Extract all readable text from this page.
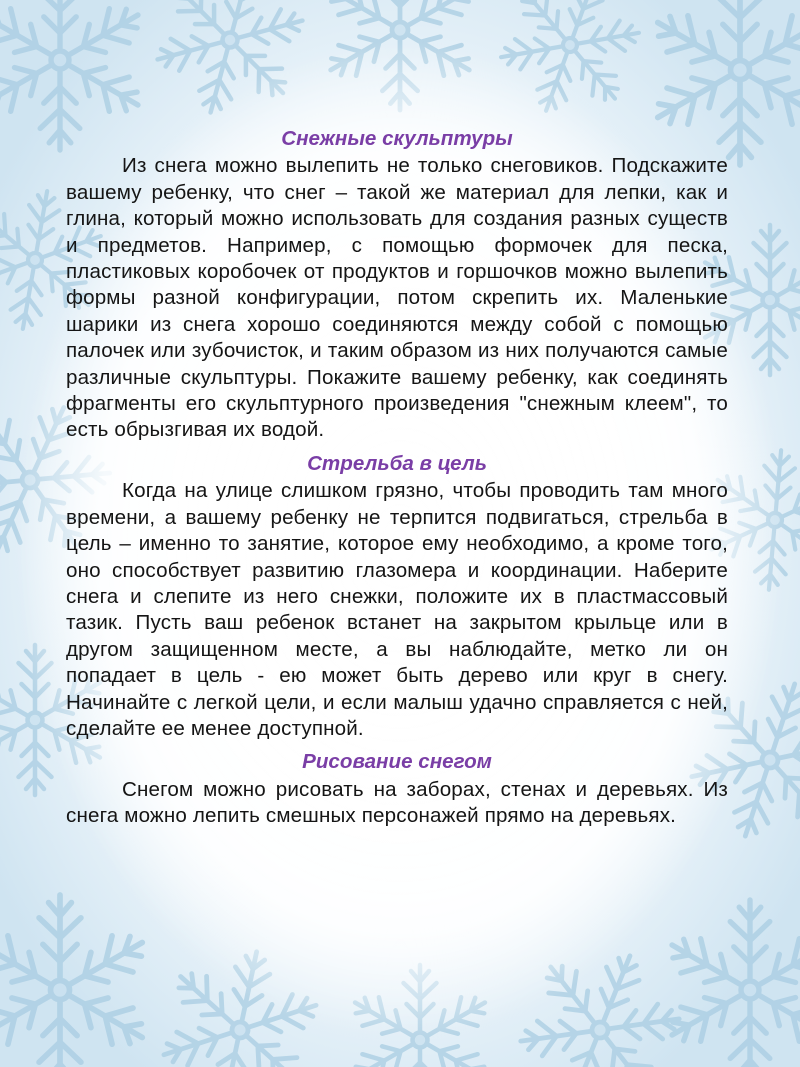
Снежные скульптуры

Из снега можно вылепить не только снеговиков. Подскажите вашему ребенку, что снег – такой же материал для лепки, как и глина, который можно использовать для создания разных существ и предметов. Например, с помощью формочек для песка, пластиковых коробочек от продуктов и горшочков можно вылепить формы разной конфигурации, потом скрепить их. Маленькие шарики из снега хорошо соединяются между собой с помощью палочек или зубочисток, и таким образом из них получаются самые различные скульптуры. Покажите вашему ребенку, как соединять фрагменты его скульптурного произведения "снежным клеем", то есть обрызгивая их водой.

Стрельба в цель

Когда на улице слишком грязно, чтобы проводить там много времени, а вашему ребенку не терпится подвигаться, стрельба в цель – именно то занятие, которое ему необходимо, а кроме того, оно способствует развитию глазомера и координации. Наберите снега и слепите из него снежки, положите их в пластмассовый тазик. Пусть ваш ребенок встанет на закрытом крыльце или в другом защищенном месте, а вы наблюдайте, метко ли он попадает в цель - ею может быть дерево или круг в снегу. Начинайте с легкой цели, и если малыш удачно справляется с ней, сделайте ее менее доступной.

Рисование снегом

Снегом можно рисовать на заборах, стенах и деревьях. Из снега можно лепить смешных персонажей прямо на деревьях.
